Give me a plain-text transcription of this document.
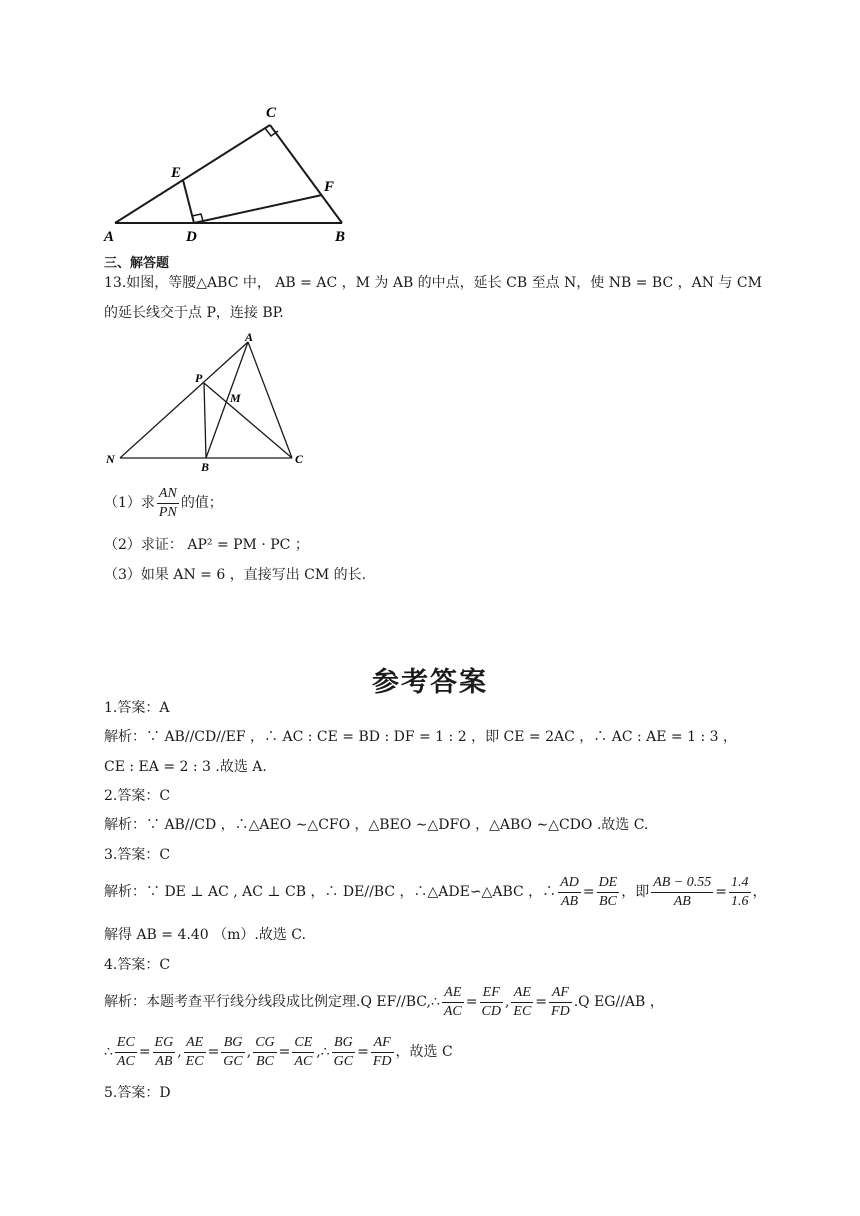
C
E
F
A	D	B
三、解答题
13.如图，等腰△ABC 中， AB = AC ，M 为 AB 的中点，延长 CB 至点 N，使 NB = BC ，AN 与 CM
的延长线交于点 P，连接 BP.
A
P
M
N
B
C
（1）求 $\frac{AN}{PN}$ 的值；
（2）求证： AP² = PM · PC ；
（3）如果 AN = 6 ，直接写出 CM 的长.
参考答案
1.答案：A
解析：∵ AB//CD//EF ，∴ AC : CE = BD : DF = 1 : 2 ，即 CE = 2AC ，∴ AC : AE = 1 : 3 ，
CE : EA = 2 : 3 .故选 A.
2.答案：C
解析：∵ AB//CD ，∴△AEO ∼△CFO ，△BEO ∼△DFO ，△ABO ∼△CDO .故选 C.
3.答案：C
解析：∵ DE ⊥ AC , AC ⊥ CB ，∴ DE//BC ，∴△ADE∽△ABC ，∴ $\frac{AD}{AB} = \frac{DE}{BC}$ ，即 $\frac{AB - 0.55}{AB} = \frac{1.4}{1.6}$ ，
解得 AB = 4.40 （m）.故选 C.
4.答案：C
解析：本题考查平行线分线段成比例定理.Q EF//BC,∴ $\frac{AE}{AC} = \frac{EF}{CD}$ , $\frac{AE}{EC} = \frac{AF}{FD} .Q$ EG//AB ，
∴ $\frac{EC}{AC} = \frac{EG}{AB}$ , $\frac{AE}{EC} = \frac{BG}{GC}$ , $\frac{CG}{BC} = \frac{CE}{AC}$ ,∴ $\frac{BG}{GC} = \frac{AF}{FD}$ ，故选 C
5.答案：D
